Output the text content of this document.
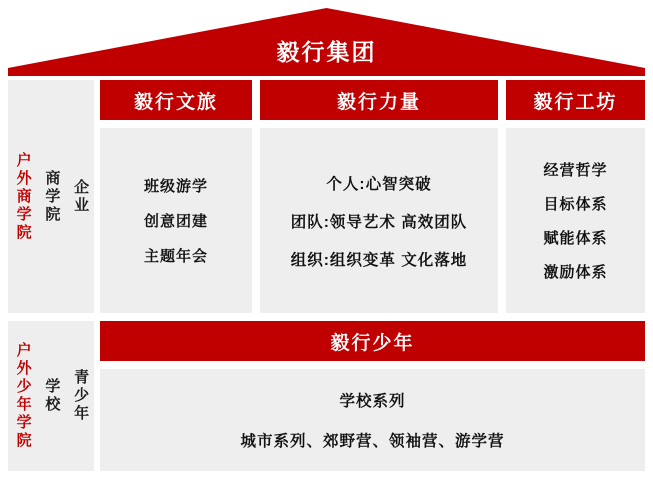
毅行集团
户外商学院 商学院 企业
户外少年学院 学校 青少年
毅行文旅
班级游学
创意团建
主题年会
毅行力量
个人:心智突破
团队:领导艺术 高效团队
组织:组织变革 文化落地
毅行工坊
经营哲学
目标体系
赋能体系
激励体系
毅行少年
学校系列
城市系列、郊野营、领袖营、游学营
